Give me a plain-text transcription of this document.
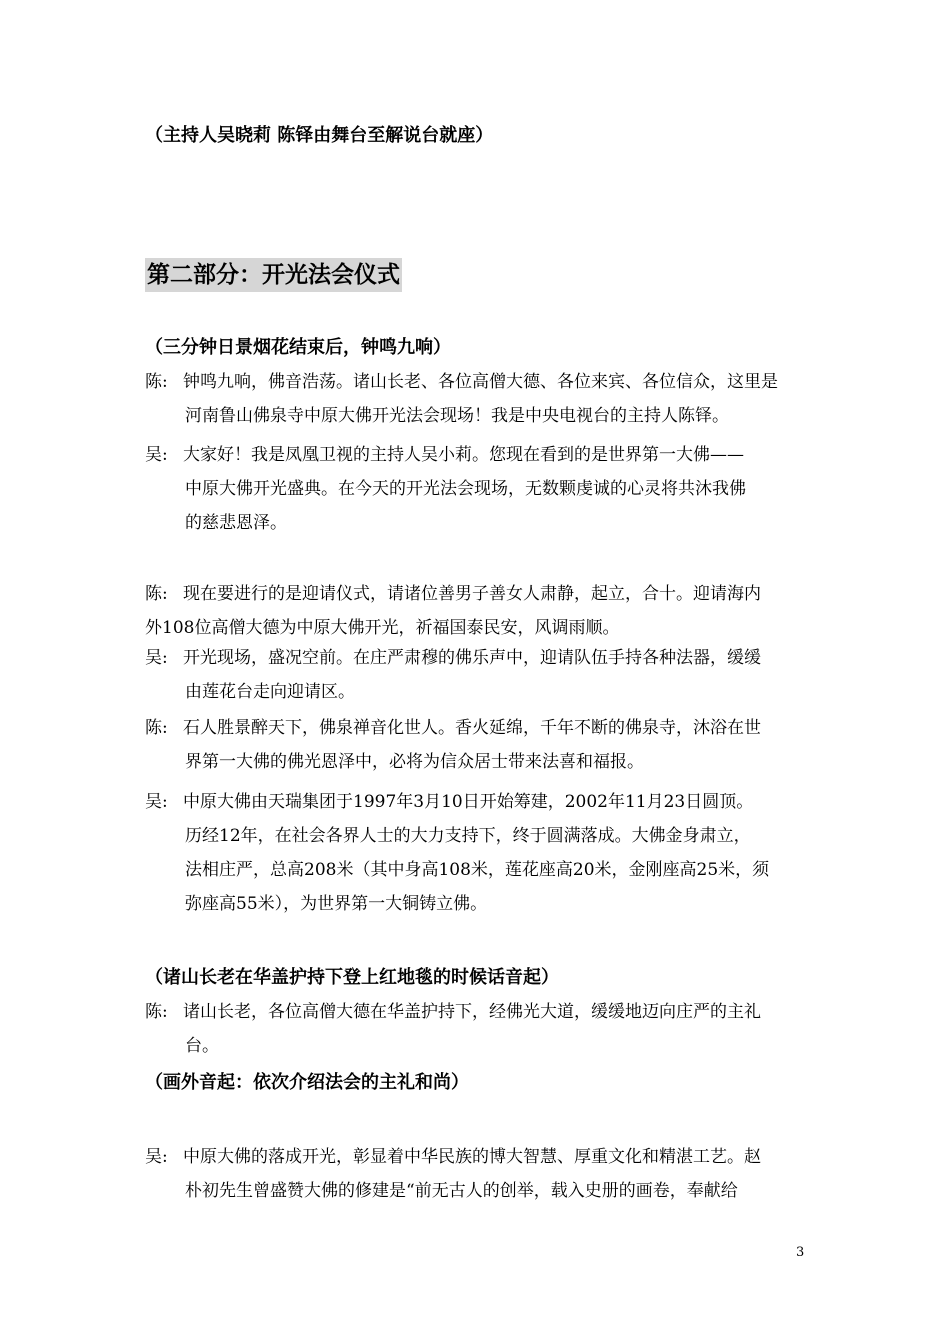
（主持人吴晓莉 陈铎由舞台至解说台就座）
第二部分：开光法会仪式
（三分钟日景烟花结束后，钟鸣九响）
陈: 钟鸣九响，佛音浩荡。诸山长老、各位高僧大德、各位来宾、各位信众，这里是
河南鲁山佛泉寺中原大佛开光法会现场！我是中央电视台的主持人陈铎。
吴: 大家好！我是凤凰卫视的主持人吴小莉。您现在看到的是世界第一大佛——
中原大佛开光盛典。在今天的开光法会现场，无数颗虔诚的心灵将共沐我佛
的慈悲恩泽。
陈: 现在要进行的是迎请仪式，请诸位善男子善女人肃静，起立，合十。迎请海内
外108位高僧大德为中原大佛开光，祈福国泰民安，风调雨顺。
吴: 开光现场，盛况空前。在庄严肃穆的佛乐声中，迎请队伍手持各种法器，缓缓
由莲花台走向迎请区。
陈: 石人胜景醉天下，佛泉禅音化世人。香火延绵，千年不断的佛泉寺，沐浴在世
界第一大佛的佛光恩泽中，必将为信众居士带来法喜和福报。
吴: 中原大佛由天瑞集团于1997年3月10日开始筹建，2002年11月23日圆顶。
历经12年，在社会各界人士的大力支持下，终于圆满落成。大佛金身肃立，
法相庄严，总高208米（其中身高108米，莲花座高20米，金刚座高25米，须
弥座高55米），为世界第一大铜铸立佛。
（诸山长老在华盖护持下登上红地毯的时候话音起）
陈: 诸山长老，各位高僧大德在华盖护持下，经佛光大道，缓缓地迈向庄严的主礼
台。
（画外音起：依次介绍法会的主礼和尚）
吴: 中原大佛的落成开光，彰显着中华民族的博大智慧、厚重文化和精湛工艺。赵
朴初先生曾盛赞大佛的修建是“前无古人的创举，载入史册的画卷，奉献给
3
